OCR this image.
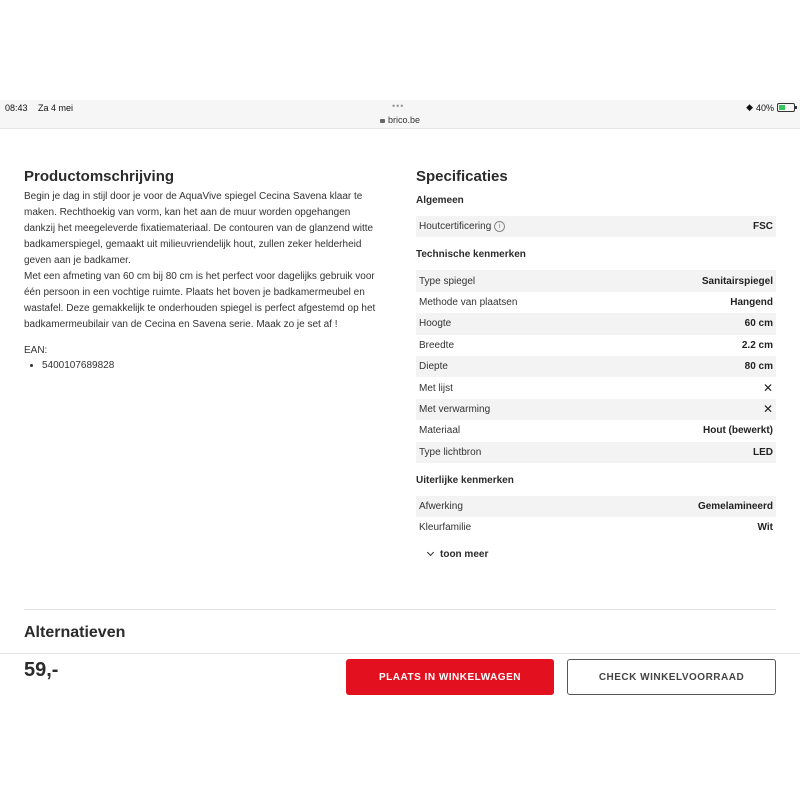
08:43 Za 4 mei	•••
brico.be
◆ 40%
Productomschrijving

Begin je dag in stijl door je voor de AquaVive spiegel Cecina Savena klaar te maken. Rechthoekig van vorm, kan het aan de muur worden opgehangen dankzij het meegeleverde fixatiemateriaal. De contouren van de glanzend witte badkamerspiegel, gemaakt uit milieuvriendelijk hout, zullen zeker helderheid geven aan je badkamer.

Met een afmeting van 60 cm bij 80 cm is het perfect voor dagelijks gebruik voor één persoon in een vochtige ruimte. Plaats het boven je badkamermeubel en wastafel. Deze gemakkelijk te onderhouden spiegel is perfect afgestemd op het badkamermeubilair van de Cecina en Savena serie. Maak zo je set af !

EAN:
• 5400107689828
Specificaties
Algemeen
Houtcertificering i	FSC
Technische kenmerken
Type spiegel	Sanitairspiegel
Methode van plaatsen	Hangend
Hoogte	60 cm
Breedte	2.2 cm
Diepte	80 cm
Met lijst	✕
Met verwarming	✕
Materiaal	Hout (bewerkt)
Type lichtbron	LED
Uiterlijke kenmerken
Afwerking	Gemelamineerd
Kleurfamilie	Wit
toon meer
Alternatieven
59,-	PLAATS IN WINKELWAGEN	CHECK WINKELVOORRAAD
